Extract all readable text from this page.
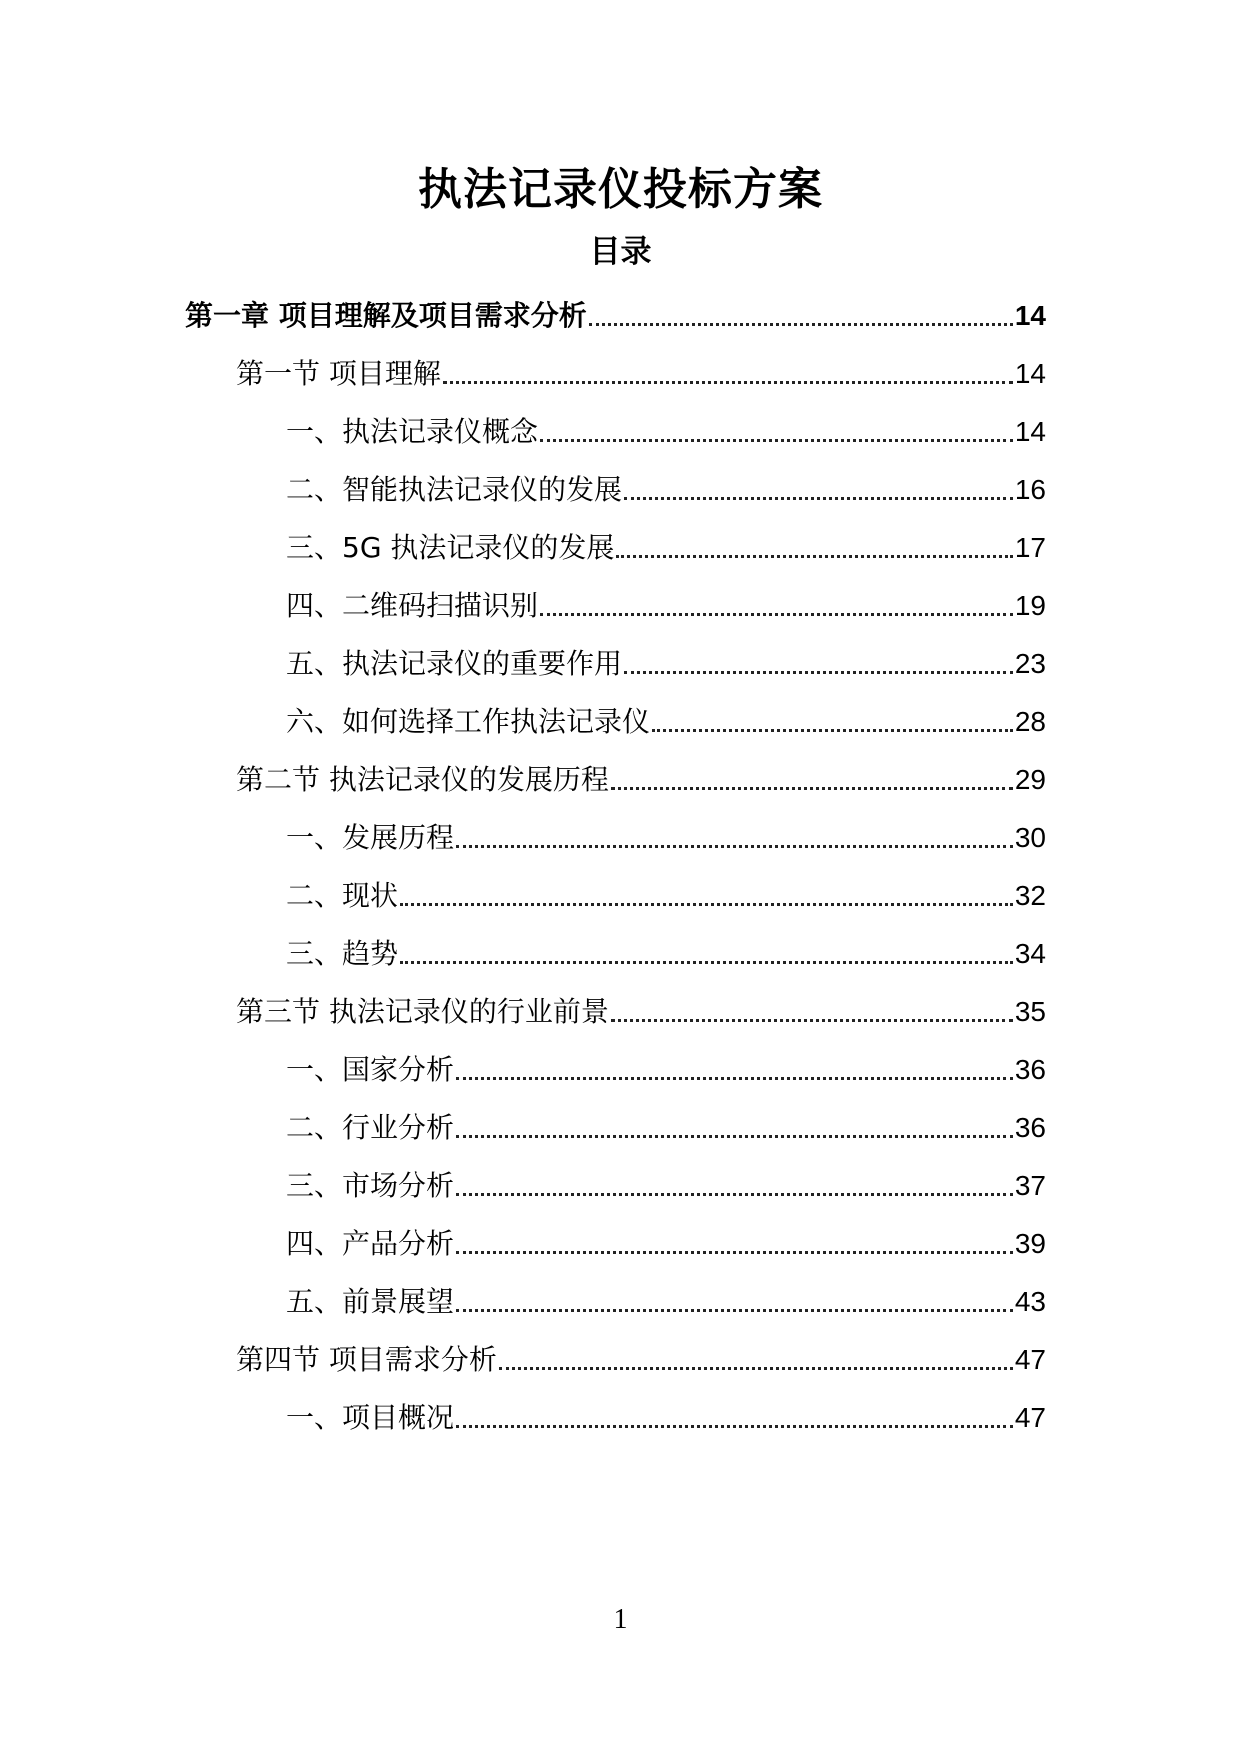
执法记录仪投标方案
目录
第一章 项目理解及项目需求分析	14
第一节 项目理解	14
一、执法记录仪概念	14
二、智能执法记录仪的发展	16
三、5G 执法记录仪的发展	17
四、二维码扫描识别	19
五、执法记录仪的重要作用	23
六、如何选择工作执法记录仪	28
第二节 执法记录仪的发展历程	29
一、发展历程	30
二、现状	32
三、趋势	34
第三节 执法记录仪的行业前景	35
一、国家分析	36
二、行业分析	36
三、市场分析	37
四、产品分析	39
五、前景展望	43
第四节 项目需求分析	47
一、项目概况	47
1
